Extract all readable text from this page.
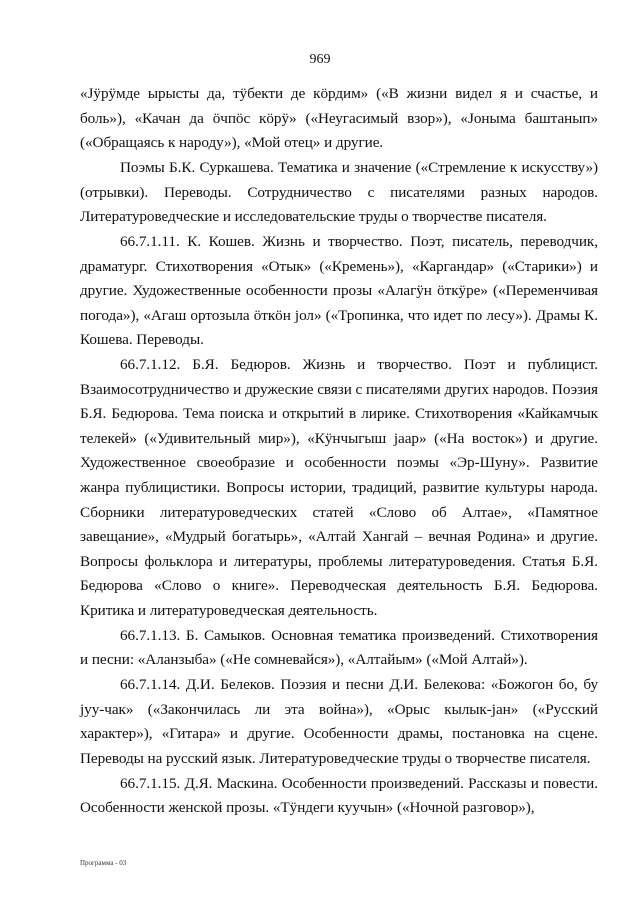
969

«Jӱрӱмде ырысты да, тӱбекти де кӧрдим» («В жизни видел я и счастье, и боль»), «Качан да ӧчпӧс кӧрӱ» («Неугасимый взор»), «Jоныма баштанып» («Обращаясь к народу»), «Мой отец» и другие.

Поэмы Б.К. Суркашева. Тематика и значение («Стремление к искусству») (отрывки). Переводы. Сотрудничество с писателями разных народов. Литературоведческие и исследовательские труды о творчестве писателя.

66.7.1.11. К. Кошев. Жизнь и творчество. Поэт, писатель, переводчик, драматург. Стихотворения «Отык» («Кремень»), «Каргандар» («Старики») и другие. Художественные особенности прозы «Алагӱн ӧткӱре» («Переменчивая погода»), «Агаш ортозыла ӧткӧн jол» («Тропинка, что идет по лесу»). Драмы К. Кошева. Переводы.

66.7.1.12. Б.Я. Бедюров. Жизнь и творчество. Поэт и публицист. Взаимосотрудничество и дружеские связи с писателями других народов. Поэзия Б.Я. Бедюрова. Тема поиска и открытий в лирике. Стихотворения «Кайкамчык телекей» («Удивительный мир»), «Кӱнчыгыш jаар» («На восток») и другие. Художественное своеобразие и особенности поэмы «Эр-Шуну». Развитие жанра публицистики. Вопросы истории, традиций, развитие культуры народа. Сборники литературоведческих статей «Слово об Алтае», «Памятное завещание», «Мудрый богатырь», «Алтай Хангай – вечная Родина» и другие. Вопросы фольклора и литературы, проблемы литературоведения. Статья Б.Я. Бедюрова «Слово о книге». Переводческая деятельность Б.Я. Бедюрова. Критика и литературоведческая деятельность.

66.7.1.13. Б. Самыков. Основная тематика произведений. Стихотворения и песни: «Аланзыба» («Не сомневайся»), «Алтайым» («Мой Алтай»).

66.7.1.14. Д.И. Белеков. Поэзия и песни Д.И. Белекова: «Божогон бо, бу jуу-чак» («Закончилась ли эта война»), «Орыс кылык-jан» («Русский характер»), «Гитара» и другие. Особенности драмы, постановка на сцене. Переводы на русский язык. Литературоведческие труды о творчестве писателя.

66.7.1.15. Д.Я. Маскина. Особенности произведений. Рассказы и повести. Особенности женской прозы. «Тӱндеги куучын» («Ночной разговор»),

Программа - 03
